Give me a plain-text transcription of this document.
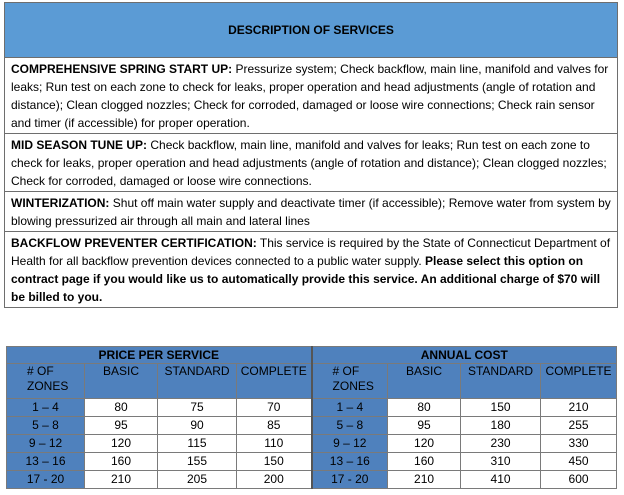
DESCRIPTION OF SERVICES
COMPREHENSIVE SPRING START UP: Pressurize system; Check backflow, main line, manifold and valves for leaks; Run test on each zone to check for leaks, proper operation and head adjustments (angle of rotation and distance); Clean clogged nozzles; Check for corroded, damaged or loose wire connections; Check rain sensor and timer (if accessible) for proper operation.
MID SEASON TUNE UP: Check backflow, main line, manifold and valves for leaks; Run test on each zone to check for leaks, proper operation and head adjustments (angle of rotation and distance); Clean clogged nozzles; Check for corroded, damaged or loose wire connections.
WINTERIZATION: Shut off main water supply and deactivate timer (if accessible); Remove water from system by blowing pressurized air through all main and lateral lines
BACKFLOW PREVENTER CERTIFICATION: This service is required by the State of Connecticut Department of Health for all backflow prevention devices connected to a public water supply. Please select this option on contract page if you would like us to automatically provide this service. An additional charge of $70 will be billed to you.
PRICE PER SERVICE				ANNUAL COST			
# OF ZONES	BASIC	STANDARD	COMPLETE	# OF ZONES	BASIC	STANDARD	COMPLETE
1 – 4	80	75	70	1 – 4	80	150	210
5 – 8	95	90	85	5 – 8	95	180	255
9 – 12	120	115	110	9 – 12	120	230	330
13 – 16	160	155	150	13 – 16	160	310	450
17 - 20	210	205	200	17 - 20	210	410	600
